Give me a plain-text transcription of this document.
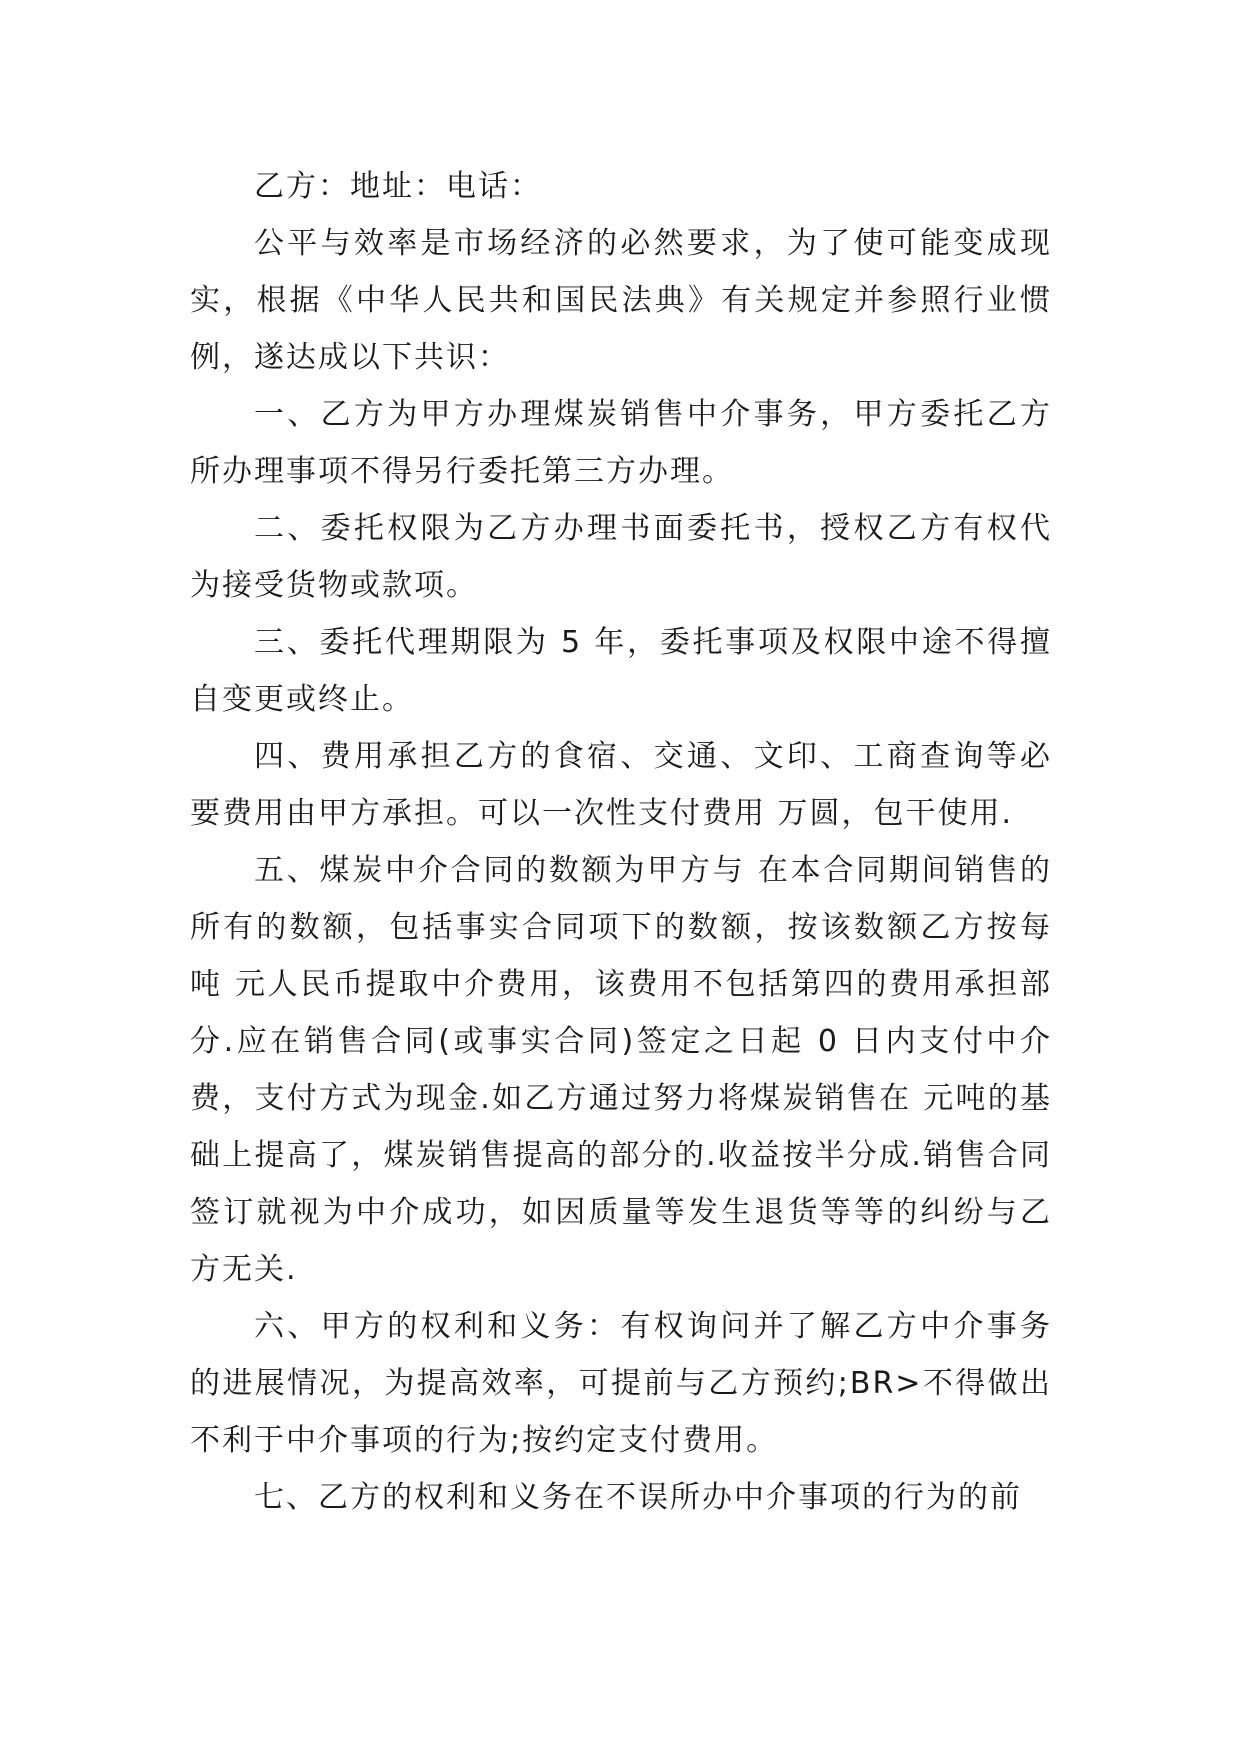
乙方：地址：电话：

公平与效率是市场经济的必然要求，为了使可能变成现实，根据《中华人民共和国民法典》有关规定并参照行业惯例，遂达成以下共识：

一、乙方为甲方办理煤炭销售中介事务，甲方委托乙方所办理事项不得另行委托第三方办理。

二、委托权限为乙方办理书面委托书，授权乙方有权代为接受货物或款项。

三、委托代理期限为 5 年，委托事项及权限中途不得擅自变更或终止。

四、费用承担乙方的食宿、交通、文印、工商查询等必要费用由甲方承担。可以一次性支付费用 万圆，包干使用.

五、煤炭中介合同的数额为甲方与 在本合同期间销售的所有的数额，包括事实合同项下的数额，按该数额乙方按每吨 元人民币提取中介费用，该费用不包括第四的费用承担部分.应在销售合同(或事实合同)签定之日起 0 日内支付中介费，支付方式为现金.如乙方通过努力将煤炭销售在 元吨的基础上提高了，煤炭销售提高的部分的.收益按半分成.销售合同签订就视为中介成功，如因质量等发生退货等等的纠纷与乙方无关.

六、甲方的权利和义务：有权询问并了解乙方中介事务的进展情况，为提高效率，可提前与乙方预约;BR>不得做出不利于中介事项的行为;按约定支付费用。

七、乙方的权利和义务在不误所办中介事项的行为的前
